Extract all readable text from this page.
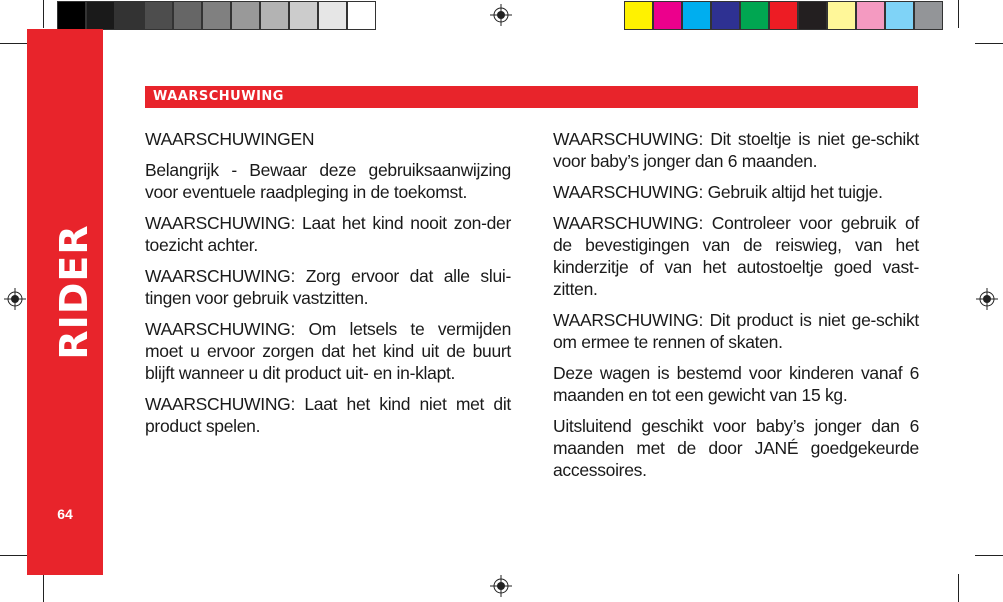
RIDER
64
WAARSCHUWING

WAARSCHUWINGEN

Belangrijk - Bewaar deze gebruiksaanwijzing voor eventuele raadpleging in de toekomst.

WAARSCHUWING: Laat het kind nooit zon-der toezicht achter.

WAARSCHUWING: Zorg ervoor dat alle slui-tingen voor gebruik vastzitten.

WAARSCHUWING: Om letsels te vermijden moet u ervoor zorgen dat het kind uit de buurt blijft wanneer u dit product uit- en in-klapt.

WAARSCHUWING: Laat het kind niet met dit product spelen.

WAARSCHUWING: Dit stoeltje is niet ge-schikt voor baby’s jonger dan 6 maanden.

WAARSCHUWING: Gebruik altijd het tuigje.

WAARSCHUWING: Controleer voor gebruik of de bevestigingen van de reiswieg, van het kinderzitje of van het autostoeltje goed vast-zitten.

WAARSCHUWING: Dit product is niet ge-schikt om ermee te rennen of skaten.

Deze wagen is bestemd voor kinderen vanaf 6 maanden en tot een gewicht van 15 kg.

Uitsluitend geschikt voor baby’s jonger dan 6 maanden met de door JANÉ goedgekeurde accessoires.
